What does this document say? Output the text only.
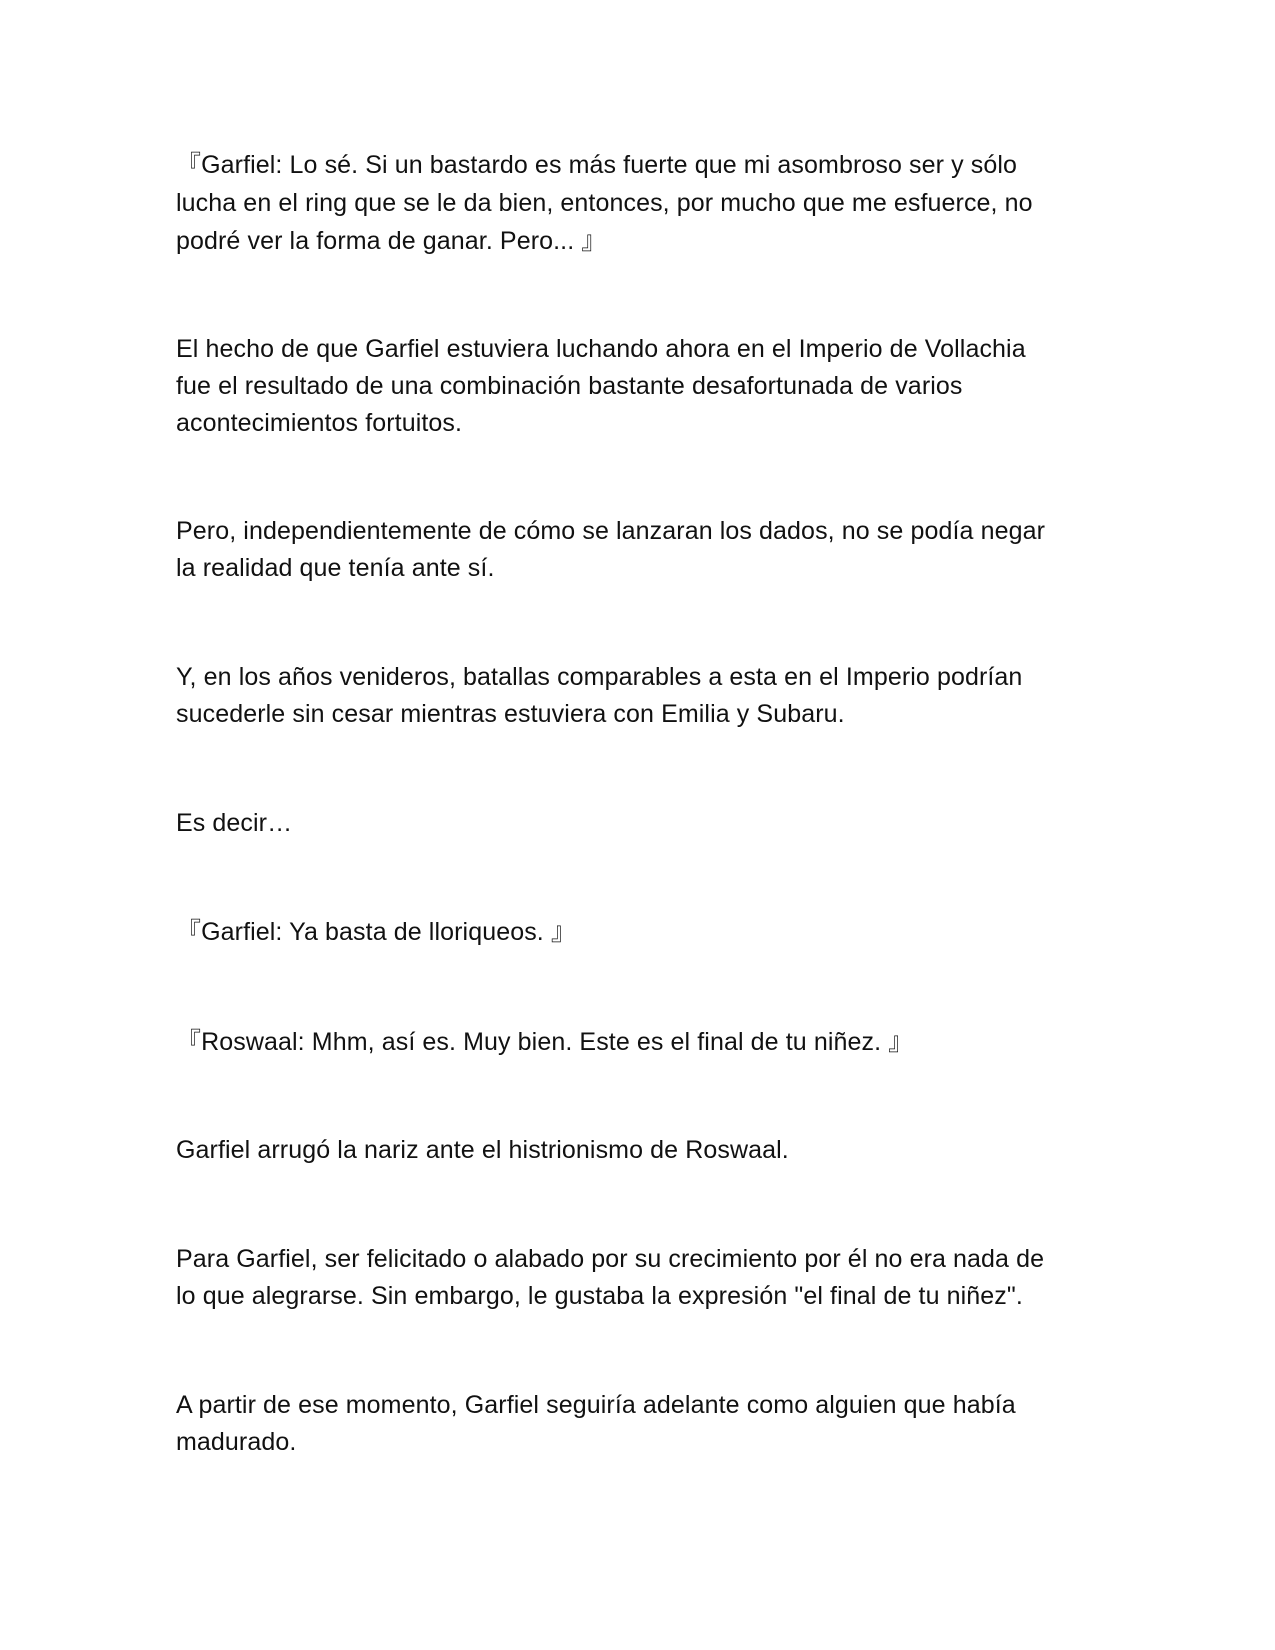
『Garfiel: Lo sé. Si un bastardo es más fuerte que mi asombroso ser y sólo

lucha en el ring que se le da bien, entonces, por mucho que me esfuerce, no

podré ver la forma de ganar. Pero... 』

El hecho de que Garfiel estuviera luchando ahora en el Imperio de Vollachia

fue el resultado de una combinación bastante desafortunada de varios

acontecimientos fortuitos.

Pero, independientemente de cómo se lanzaran los dados, no se podía negar

la realidad que tenía ante sí.

Y, en los años venideros, batallas comparables a esta en el Imperio podrían

sucederle sin cesar mientras estuviera con Emilia y Subaru.

Es decir…

『Garfiel: Ya basta de lloriqueos. 』

『Roswaal: Mhm, así es. Muy bien. Este es el final de tu niñez. 』

Garfiel arrugó la nariz ante el histrionismo de Roswaal.

Para Garfiel, ser felicitado o alabado por su crecimiento por él no era nada de

lo que alegrarse. Sin embargo, le gustaba la expresión "el final de tu niñez".

A partir de ese momento, Garfiel seguiría adelante como alguien que había

madurado.
